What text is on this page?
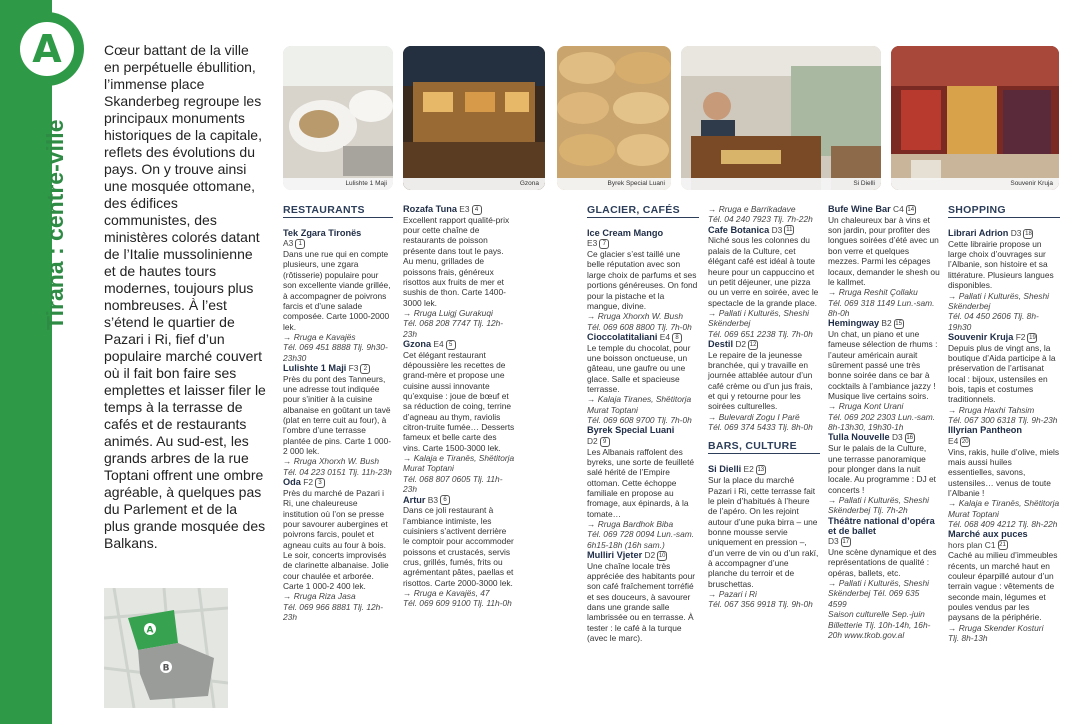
A
Tirana : centre-ville
Cœur battant de la ville en perpétuelle ébullition, l’immense place Skanderbeg regroupe les principaux monuments historiques de la capitale, reflets des évolutions du pays. On y trouve ainsi une mosquée ottomane, des édifices communistes, des ministères colorés datant de l’Italie mussolinienne et de hautes tours modernes, toujours plus nombreuses. À l’est s’étend le quartier de Pazari i Ri, fief d’un populaire marché couvert où il fait bon faire ses emplettes et laisser filer le temps à la terrasse de cafés et de restaurants animés. Au sud-est, les grands arbres de la rue Toptani offrent une ombre agréable, à quelques pas du Parlement et de la plus grande mosquée des Balkans.
A
B
Lulishte 1 Maji	Gzona	Byrek Special Luani	Si Dielli	Souvenir Kruja
RESTAURANTS

Tek Zgara Tironës
A3 1

Dans une rue qui en compte plusieurs, une zgara (rôtisserie) populaire pour son excellente viande grillée, à accompagner de poivrons farcis et d’une salade composée. Carte 1000-2000 lek.

→ Rruga e Kavajës

Tél. 069 451 8888 Tlj. 9h30-23h30

Lulishte 1 Maji F3 2

Près du pont des Tanneurs, une adresse tout indiquée pour s’initier à la cuisine albanaise en goûtant un tavë (plat en terre cuit au four), à l’ombre d’une terrasse plantée de pins. Carte 1 000-2 000 lek.

→ Rruga Xhorxh W. Bush

Tél. 04 223 0151 Tlj. 11h-23h

Oda F2 3

Près du marché de Pazari i Ri, une chaleureuse institution où l’on se presse pour savourer aubergines et poivrons farcis, poulet et agneau cuits au four à bois. Le soir, concerts improvisés de clarinette albanaise. Jolie cour chaulée et arborée. Carte 1 000-2 400 lek.

→ Rruga Riza Jasa

Tél. 069 966 8881 Tlj. 12h-23h

Rozafa Tuna E3 4

Excellent rapport qualité-prix pour cette chaîne de restaurants de poisson présente dans tout le pays. Au menu, grillades de poissons frais, généreux risottos aux fruits de mer et sushis de thon. Carte 1400-3000 lek.

→ Rruga Luigj Gurakuqi

Tél. 068 208 7747 Tlj. 12h-23h

Gzona E4 5

Cet élégant restaurant dépoussière les recettes de grand-mère et propose une cuisine aussi innovante qu’exquise : joue de bœuf et sa réduction de coing, terrine d’agneau au thym, raviolis citron-truite fumée… Desserts fameux et belle carte des vins. Carte 1500-3000 lek.

→ Kalaja e Tiranës, Shëtitorja Murat Toptani

Tél. 068 807 0605 Tlj. 11h-23h

Artur B3 6

Dans ce joli restaurant à l’ambiance intimiste, les cuisiniers s’activent derrière le comptoir pour accommoder poissons et crustacés, servis crus, grillés, fumés, frits ou agrémentant pâtes, paellas et risottos. Carte 2000-3000 lek.

→ Rruga e Kavajës, 47

Tél. 069 609 9100 Tlj. 11h-0h

GLACIER, CAFÉS

Ice Cream Mango
E3 7

Ce glacier s’est taillé une belle réputation avec son large choix de parfums et ses portions généreuses. On fond pour la pistache et la mangue, divine.

→ Rruga Xhorxh W. Bush

Tél. 069 608 8800 Tlj. 7h-0h

Cioccolatitaliani E4 8

Le temple du chocolat, pour une boisson onctueuse, un gâteau, une gaufre ou une glace. Salle et spacieuse terrasse.

→ Kalaja Tiranes, Shëtitorja Murat Toptani

Tél. 069 608 9700 Tlj. 7h-0h

Byrek Special Luani
D2 9

Les Albanais raffolent des byreks, une sorte de feuilleté salé hérité de l’Empire ottoman. Cette échoppe familiale en propose au fromage, aux épinards, à la tomate…

→ Rruga Bardhok Biba

Tél. 069 728 0094 Lun.-sam. 6h15-18h (16h sam.)

Mulliri Vjeter D2 10

Une chaîne locale très appréciée des habitants pour son café fraîchement torréfié et ses douceurs, à savourer dans une grande salle lambrissée ou en terrasse. À tester : le café à la turque (avec le marc).

→ Rruga e Barrikadave

Tél. 04 240 7923 Tlj. 7h-22h

Cafe Botanica D3 11

Niché sous les colonnes du palais de la Culture, cet élégant café est idéal à toute heure pour un cappuccino et un petit déjeuner, une pizza ou un verre en soirée, avec le spectacle de la grande place.

→ Pallati i Kulturës, Sheshi Skënderbej

Tél. 069 651 2238 Tlj. 7h-0h

Destil D2 12

Le repaire de la jeunesse branchée, qui y travaille en journée attablée autour d’un café crème ou d’un jus frais, et qui y retourne pour les soirées culturelles.

→ Bulevardi Zogu I Parë

Tél. 069 374 5433 Tlj. 8h-0h

BARS, CULTURE

Si Dielli E2 13

Sur la place du marché Pazari i Ri, cette terrasse fait le plein d’habitués à l’heure de l’apéro. On les rejoint autour d’une puka birra – une bonne mousse servie uniquement en pression –, d’un verre de vin ou d’un rakï, à accompagner d’une planche du terroir et de bruschettas.

→ Pazari i Ri

Tél. 067 356 9918 Tlj. 9h-0h

Bufe Wine Bar C4 14

Un chaleureux bar à vins et son jardin, pour profiter des longues soirées d’été avec un bon verre et quelques mezzes. Parmi les cépages locaux, demander le shesh ou le kallmet.

→ Rruga Reshit Çollaku

Tél. 069 318 1149 Lun.-sam. 8h-0h

Hemingway B2 15

Un chat, un piano et une fameuse sélection de rhums : l’auteur américain aurait sûrement passé une très bonne soirée dans ce bar à cocktails à l’ambiance jazzy ! Musique live certains soirs.

→ Rruga Kont Urani

Tél. 069 202 2303 Lun.-sam. 8h-13h30, 19h30-1h

Tulla Nouvelle D3 16

Sur le palais de la Culture, une terrasse panoramique pour plonger dans la nuit locale. Au programme : DJ et concerts !

→ Pallati i Kulturës, Sheshi Skënderbej Tlj. 7h-2h

Théâtre national d’opéra et de ballet
D3 17

Une scène dynamique et des représentations de qualité : opéras, ballets, etc.

→ Pallati i Kulturës, Sheshi Skënderbej Tél. 069 635 4599

Saison culturelle Sep.-juin Billetterie Tlj. 10h-14h, 16h-20h www.tkob.gov.al

SHOPPING

Librari Adrion D3 18

Cette librairie propose un large choix d’ouvrages sur l’Albanie, son histoire et sa littérature. Plusieurs langues disponibles.

→ Pallati i Kulturës, Sheshi Skënderbej

Tél. 04 450 2606 Tlj. 8h-19h30

Souvenir Kruja F2 19

Depuis plus de vingt ans, la boutique d’Aida participe à la préservation de l’artisanat local : bijoux, ustensiles en bois, tapis et costumes traditionnels.

→ Rruga Haxhi Tahsim

Tél. 067 300 6318 Tlj. 9h-23h

Illyrian Pantheon
E4 20

Vins, rakis, huile d’olive, miels mais aussi huiles essentielles, savons, ustensiles… venus de toute l’Albanie !

→ Kalaja e Tiranës, Shëtitorja Murat Toptani

Tél. 068 409 4212 Tlj. 8h-22h

Marché aux puces
hors plan C1 21

Caché au milieu d’immeubles récents, un marché haut en couleur éparpillé autour d’un terrain vague : vêtements de seconde main, légumes et poules vendus par les paysans de la périphérie.

→ Rruga Skender Kosturi

Tlj. 8h-13h
